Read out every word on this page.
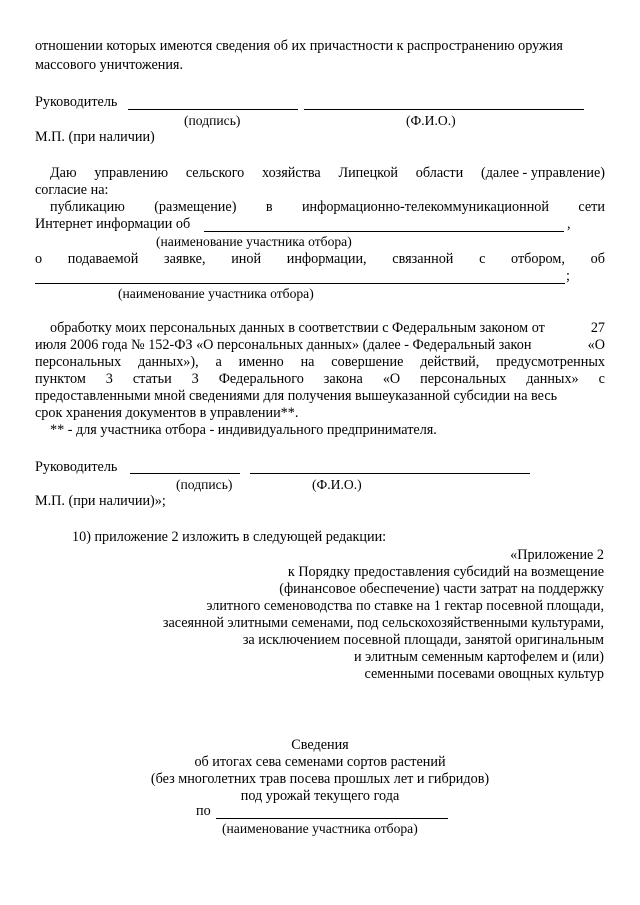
отношении которых имеются сведения об их причастности к распространению оружия
массового уничтожения.
Руководитель
(подпись)	(Ф.И.О.)
М.П. (при наличии)
Даю управлению сельского хозяйства Липецкой области (далее - управление)
согласие на:
публикацию (размещение) в информационно-телекоммуникационной сети
Интернет информации об	,
(наименование участника отбора)
о подаваемой заявке, иной информации, связанной с отбором, об
;
(наименование участника отбора)
обработку моих персональных данных в соответствии с Федеральным законом от	27
июля 2006 года № 152-ФЗ «О персональных данных» (далее - Федеральный закон	«О
персональных данных»), а именно на совершение действий, предусмотренных
пунктом 3 статьи 3 Федерального закона «О персональных данных» с
предоставленными мной сведениями для получения вышеуказанной субсидии на весь
срок хранения документов в управлении**.
** - для участника отбора - индивидуального предпринимателя.
Руководитель
(подпись)	(Ф.И.О.)
М.П. (при наличии)»;
10) приложение 2 изложить в следующей редакции:
«Приложение 2
к Порядку предоставления субсидий на возмещение
(финансовое обеспечение) части затрат на поддержку
элитного семеноводства по ставке на 1 гектар посевной площади,
засеянной элитными семенами, под сельскохозяйственными культурами,
за исключением посевной площади, занятой оригинальным
и элитным семенным картофелем и (или)
семенными посевами овощных культур
Сведения
об итогах сева семенами сортов растений
(без многолетних трав посева прошлых лет и гибридов)
под урожай текущего года
по
(наименование участника отбора)
